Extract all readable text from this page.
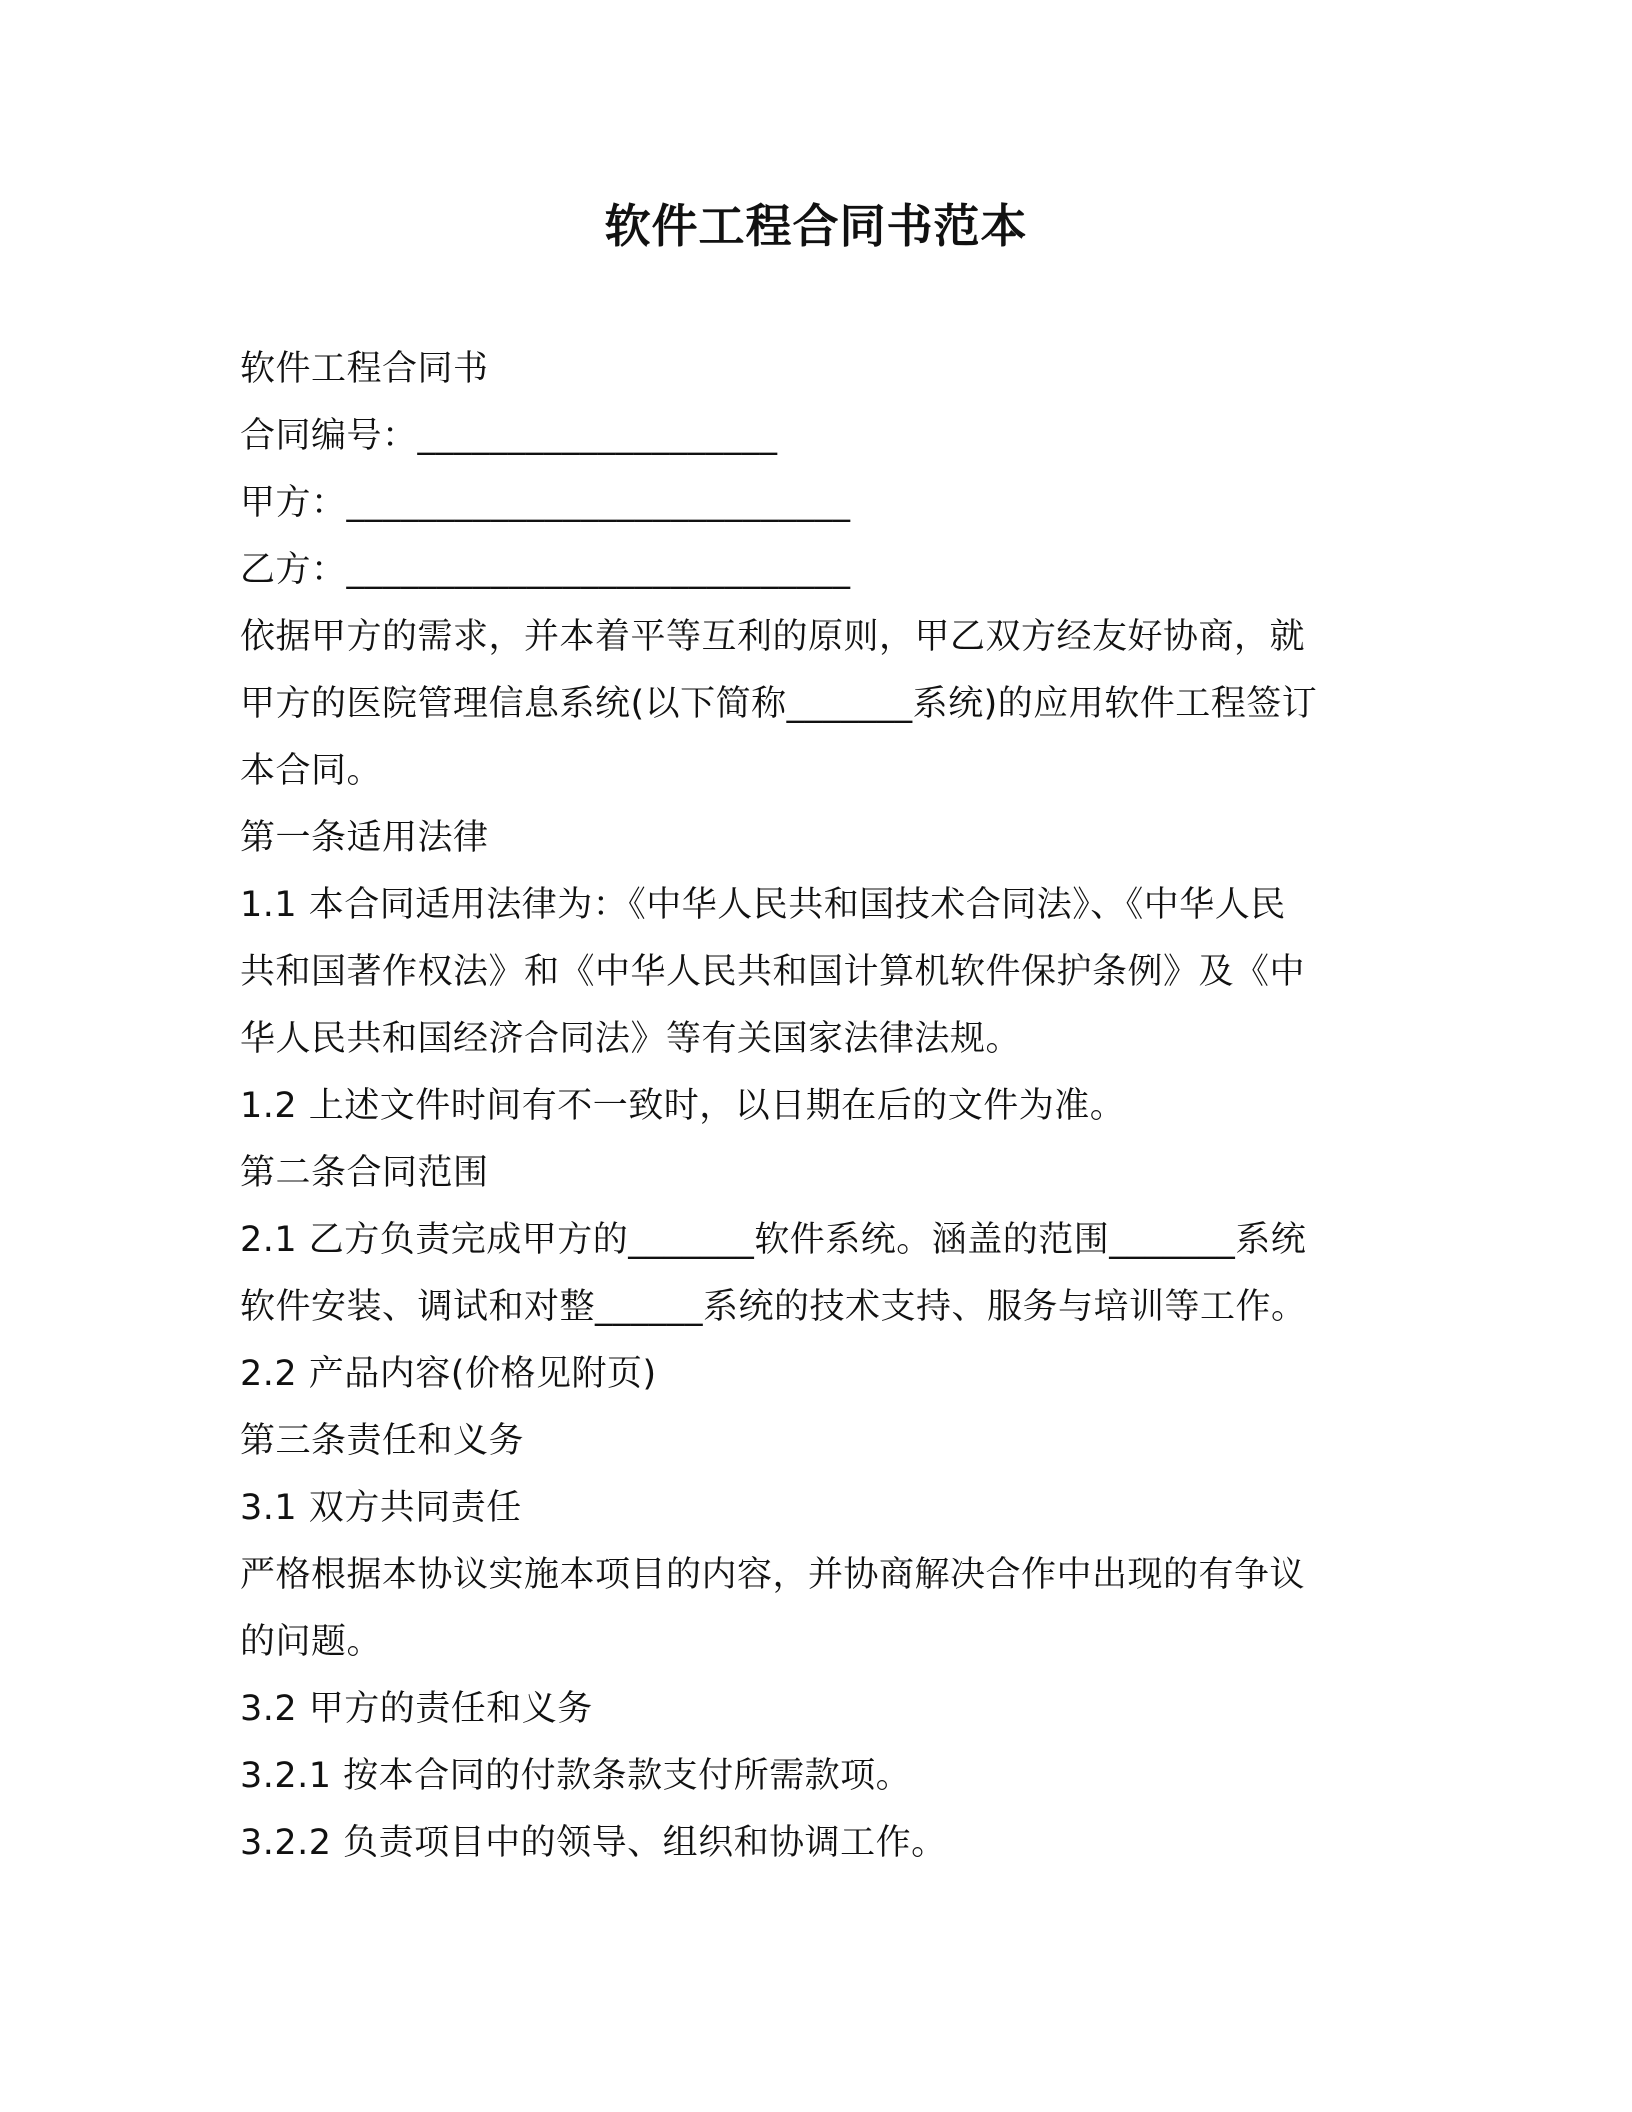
软件工程合同书范本

软件工程合同书

合同编号：____________________

甲方：____________________________

乙方：____________________________

依据甲方的需求，并本着平等互利的原则，甲乙双方经友好协商，就

甲方的医院管理信息系统(以下简称_______系统)的应用软件工程签订

本合同。

第一条适用法律

1.1 本合同适用法律为：《中华人民共和国技术合同法》、《中华人民

共和国著作权法》和《中华人民共和国计算机软件保护条例》及《中

华人民共和国经济合同法》等有关国家法律法规。

1.2 上述文件时间有不一致时，以日期在后的文件为准。

第二条合同范围

2.1 乙方负责完成甲方的_______软件系统。涵盖的范围_______系统

软件安装、调试和对整______系统的技术支持、服务与培训等工作。

2.2 产品内容(价格见附页)

第三条责任和义务

3.1 双方共同责任

严格根据本协议实施本项目的内容，并协商解决合作中出现的有争议

的问题。

3.2 甲方的责任和义务

3.2.1 按本合同的付款条款支付所需款项。

3.2.2 负责项目中的领导、组织和协调工作。
